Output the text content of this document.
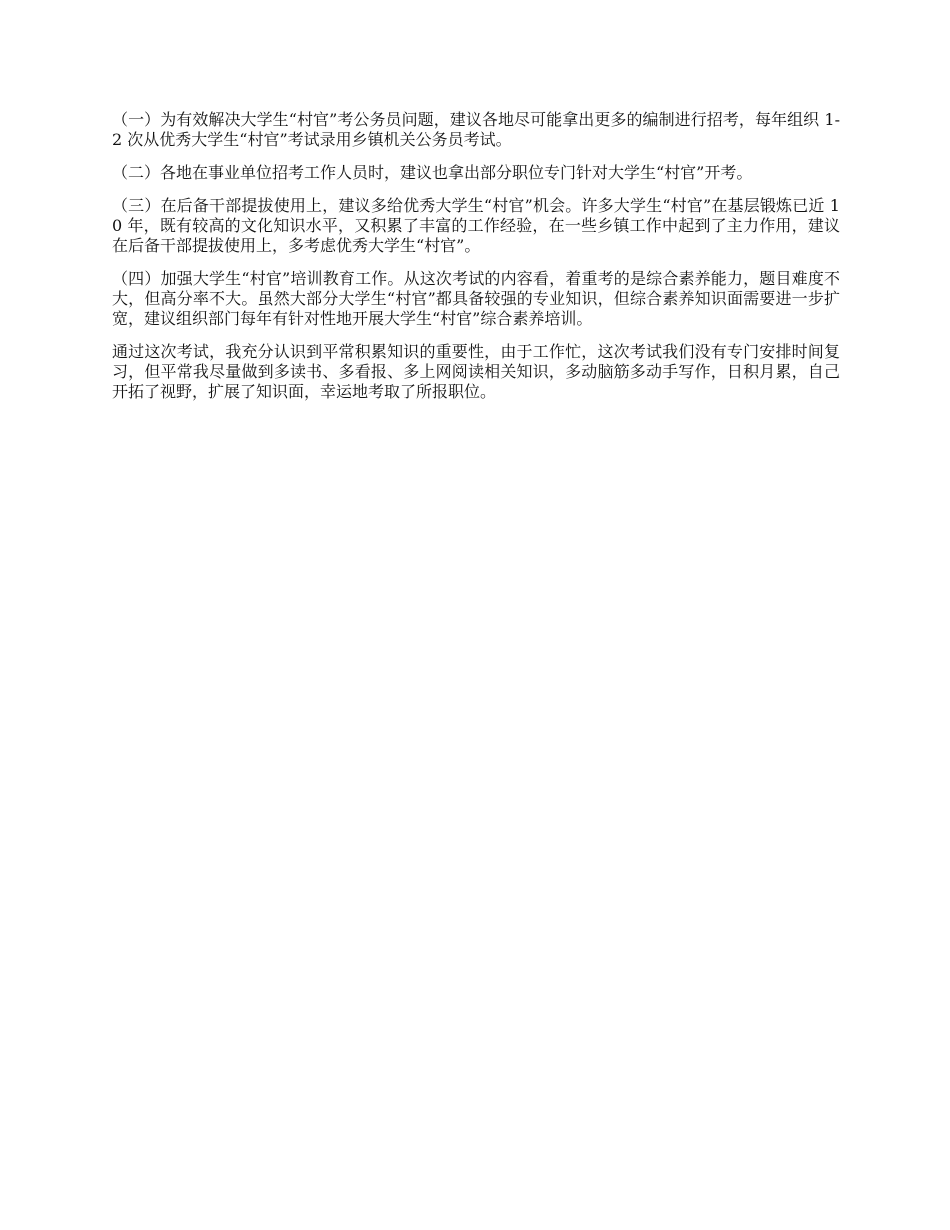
（一）为有效解决大学生“村官”考公务员问题，建议各地尽可能拿出更多的编制进行招考，每年组织 1-2 次从优秀大学生“村官”考试录用乡镇机关公务员考试。

（二）各地在事业单位招考工作人员时，建议也拿出部分职位专门针对大学生“村官”开考。

（三）在后备干部提拔使用上，建议多给优秀大学生“村官”机会。许多大学生“村官”在基层锻炼已近 10 年，既有较高的文化知识水平，又积累了丰富的工作经验，在一些乡镇工作中起到了主力作用，建议在后备干部提拔使用上，多考虑优秀大学生“村官”。

（四）加强大学生“村官”培训教育工作。从这次考试的内容看，着重考的是综合素养能力，题目难度不大，但高分率不大。虽然大部分大学生“村官”都具备较强的专业知识，但综合素养知识面需要进一步扩宽，建议组织部门每年有针对性地开展大学生“村官”综合素养培训。

通过这次考试，我充分认识到平常积累知识的重要性，由于工作忙，这次考试我们没有专门安排时间复习，但平常我尽量做到多读书、多看报、多上网阅读相关知识，多动脑筋多动手写作，日积月累，自己开拓了视野，扩展了知识面，幸运地考取了所报职位。
